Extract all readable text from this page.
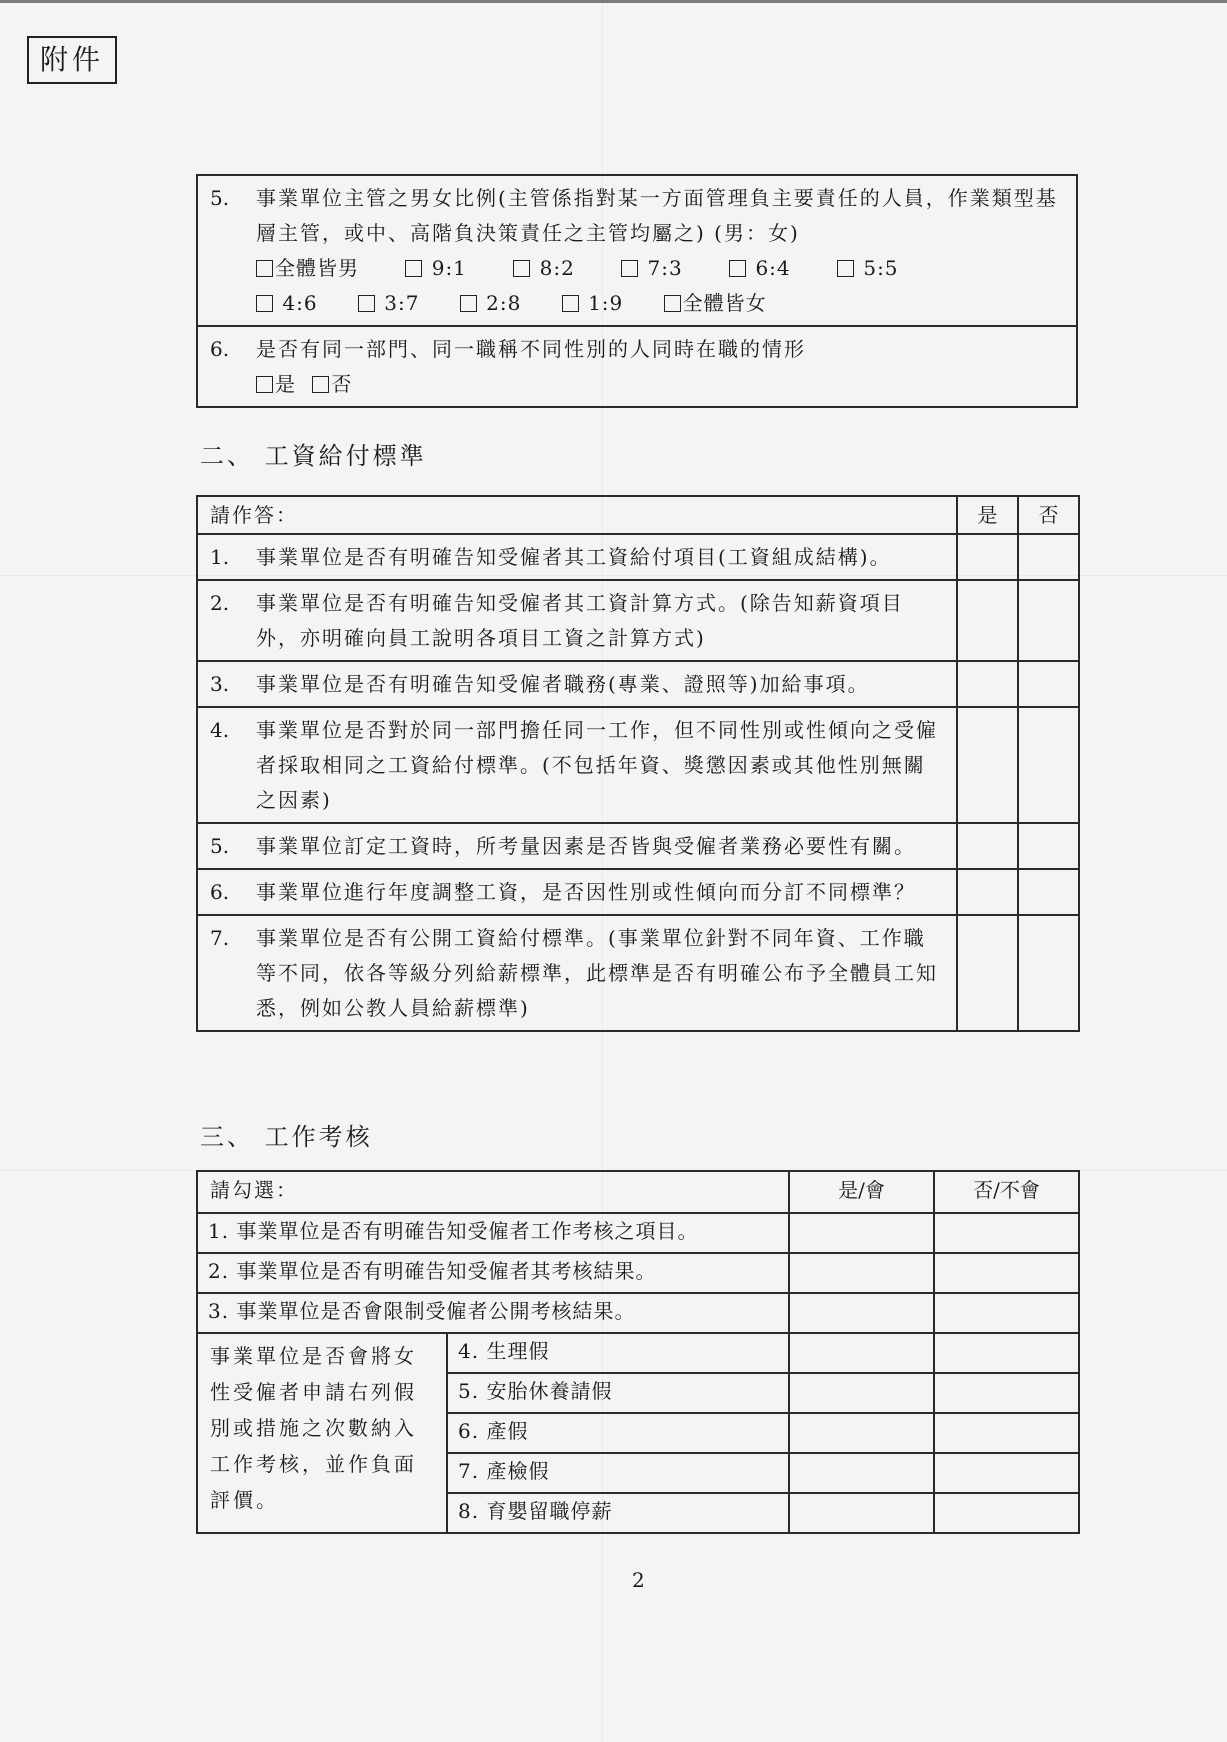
附件
5. 事業單位主管之男女比例(主管係指對某一方面管理負主要責任的人員，作業類型基層主管，或中、高階負決策責任之主管均屬之) (男：女)
全體皆男	9:1	8:2	7:3	6:4	5:5
4:6	3:7	2:8	1:9	全體皆女

6. 是否有同一部門、同一職稱不同性別的人同時在職的情形
是 否
二、 工資給付標準
請作答：	是	否

1. 事業單位是否有明確告知受僱者其工資給付項目(工資組成結構)。		

2. 事業單位是否有明確告知受僱者其工資計算方式。(除告知薪資項目外，亦明確向員工說明各項目工資之計算方式)		

3. 事業單位是否有明確告知受僱者職務(專業、證照等)加給事項。		

4. 事業單位是否對於同一部門擔任同一工作，但不同性別或性傾向之受僱者採取相同之工資給付標準。(不包括年資、獎懲因素或其他性別無關之因素)		

5. 事業單位訂定工資時，所考量因素是否皆與受僱者業務必要性有關。		

6. 事業單位進行年度調整工資，是否因性別或性傾向而分訂不同標準？		

7. 事業單位是否有公開工資給付標準。(事業單位針對不同年資、工作職等不同，依各等級分列給薪標準，此標準是否有明確公布予全體員工知悉，例如公教人員給薪標準)		

三、 工作考核
請勾選：		是/會	否/不會
1. 事業單位是否有明確告知受僱者工作考核之項目。			
2. 事業單位是否有明確告知受僱者其考核結果。			
3. 事業單位是否會限制受僱者公開考核結果。			
事業單位是否會將女性受僱者申請右列假別或措施之次數納入工作考核，並作負面評價。	4. 生理假		
	5. 安胎休養請假		
	6. 產假		
	7. 產檢假		
	8. 育嬰留職停薪		
2
